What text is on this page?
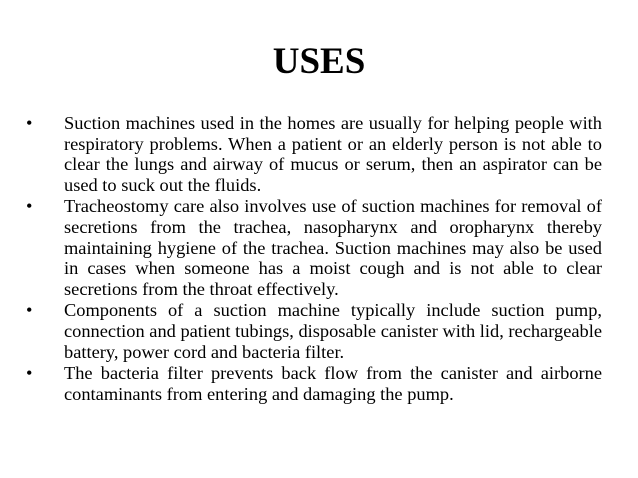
USES
•	Suction machines used in the homes are usually for helping people with respiratory problems. When a patient or an elderly person is not able to clear the lungs and airway of mucus or serum, then an aspirator can be used to suck out the fluids.
•	Tracheostomy care also involves use of suction machines for removal of secretions from the trachea, nasopharynx and oropharynx thereby maintaining hygiene of the trachea. Suction machines may also be used in cases when someone has a moist cough and is not able to clear secretions from the throat effectively.
•	Components of a suction machine typically include suction pump, connection and patient tubings, disposable canister with lid, rechargeable battery, power cord and bacteria filter.
•	The bacteria filter prevents back flow from the canister and airborne contaminants from entering and damaging the pump.
